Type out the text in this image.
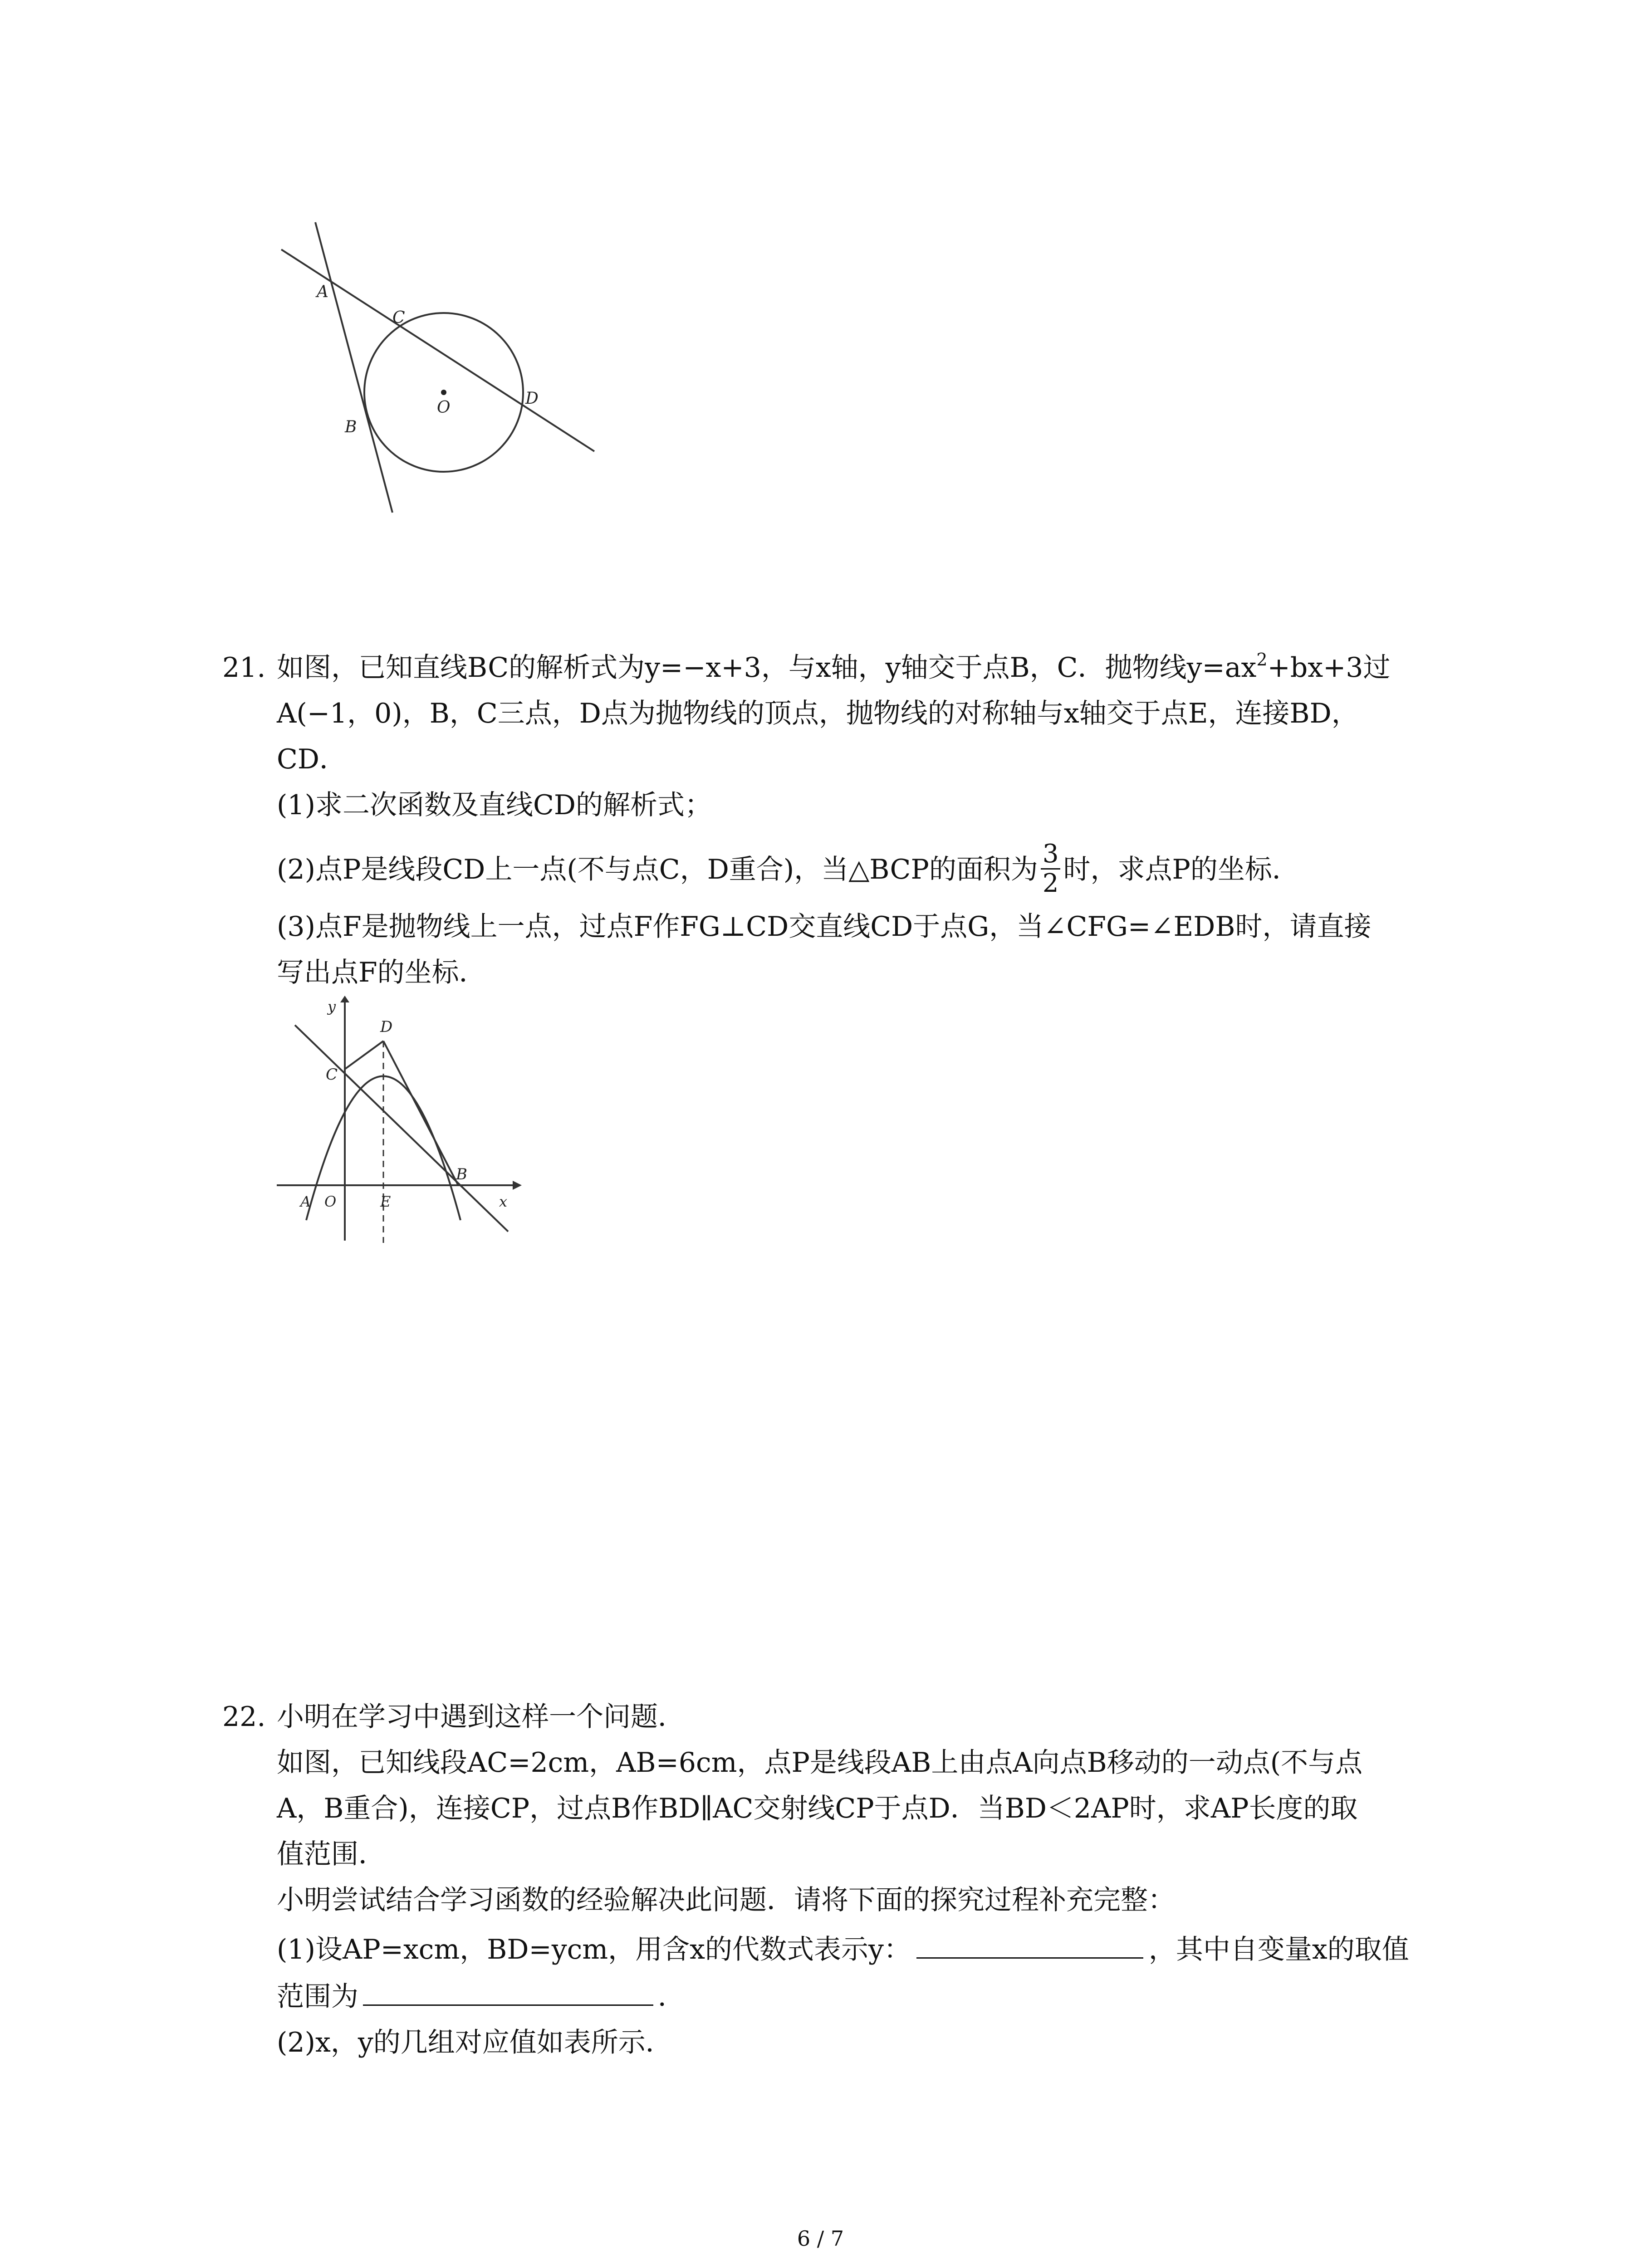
A
C
D
O
B
21. 如图，已知直线BC的解析式为y=−x+3，与x轴，y轴交于点B，C．抛物线$y=ax^2+bx+3$过
A(−1，0)，B，C三点，D点为抛物线的顶点，抛物线的对称轴与x轴交于点E，连接BD，
CD．
(1)求二次函数及直线CD的解析式；
(2)点P是线段CD上一点(不与点C，D重合)，当△BCP的面积为 $\frac{3}{2}$ 时，求点P的坐标．
(3)点F是抛物线上一点，过点F作FG⊥CD交直线CD于点G，当∠CFG=∠EDB时，请直接
写出点F的坐标．
y
D
C
B
A O	E	x
22. 小明在学习中遇到这样一个问题．
如图，已知线段AC=2cm，AB=6cm，点P是线段AB上由点A向点B移动的一动点(不与点
A，B重合)，连接CP，过点B作BD∥AC交射线CP于点D．当BD＜2AP时，求AP长度的取
值范围．
小明尝试结合学习函数的经验解决此问题．请将下面的探究过程补充完整：
(1)设AP=xcm，BD=ycm，用含x的代数式表示y：	，其中自变量x的取值
范围为	．
(2)x，y的几组对应值如表所示．
6 / 7
